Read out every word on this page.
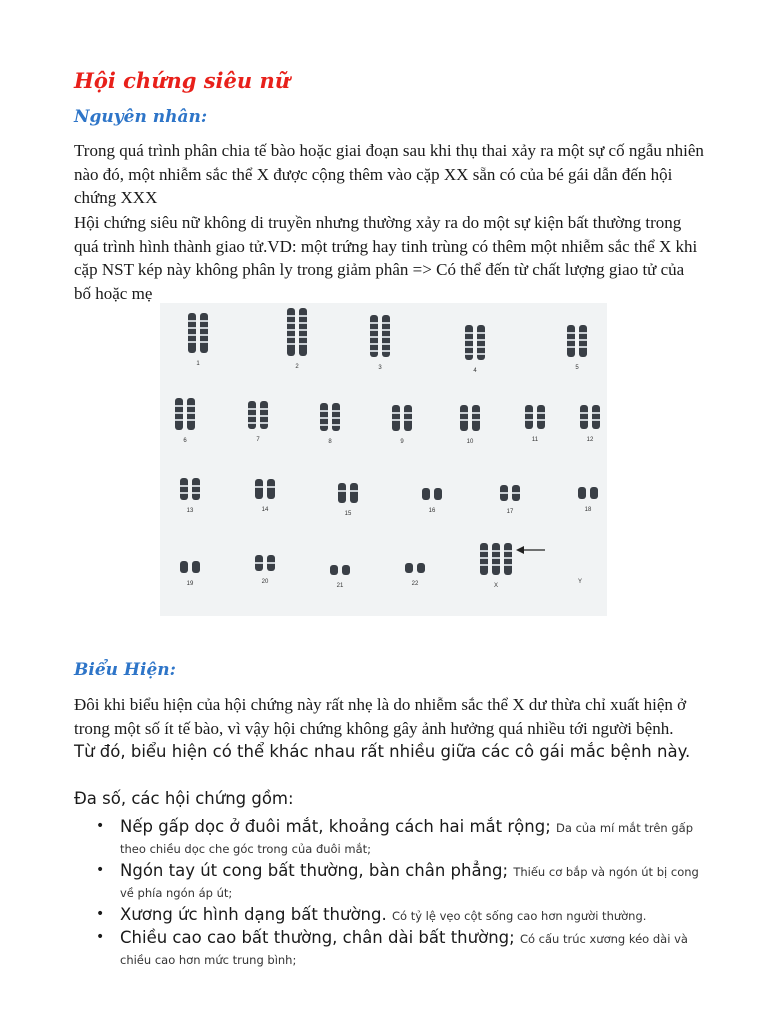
Hội chứng siêu nữ
Nguyên nhân:

Trong quá trình phân chia tế bào hoặc giai đoạn sau khi thụ thai xảy ra một sự cố ngẫu nhiên nào đó, một nhiễm sắc thể X được cộng thêm vào cặp XX sẵn có của bé gái dẫn đến hội chứng XXX

Hội chứng siêu nữ không di truyền nhưng thường xảy ra do một sự kiện bất thường trong quá trình hình thành giao tử.VD: một trứng hay tinh trùng có thêm một nhiễm sắc thể X khi cặp NST kép này không phân ly trong giảm phân => Có thể đến từ chất lượng giao tử của bố hoặc mẹ

1	2	3	4	5
6	7	8	9	10	11	12
13	14
15	16	17	18
19	20
21	22	X
Y
Biểu Hiện:

Đôi khi biểu hiện của hội chứng này rất nhẹ là do nhiễm sắc thể X dư thừa chỉ xuất hiện ở trong một số ít tế bào, vì vậy hội chứng không gây ảnh hưởng quá nhiều tới người bệnh. Từ đó, biểu hiện có thể khác nhau rất nhiều giữa các cô gái mắc bệnh này.

Đa số, các hội chứng gồm:

• Nếp gấp dọc ở đuôi mắt, khoảng cách hai mắt rộng; Da của mí mắt trên gấp theo chiều dọc che góc trong của đuôi mắt;
• Ngón tay út cong bất thường, bàn chân phẳng; Thiếu cơ bắp và ngón út bị cong về phía ngón áp út;
• Xương ức hình dạng bất thường. Có tỷ lệ vẹo cột sống cao hơn người thường.
• Chiều cao cao bất thường, chân dài bất thường; Có cấu trúc xương kéo dài và chiều cao hơn mức trung bình;
